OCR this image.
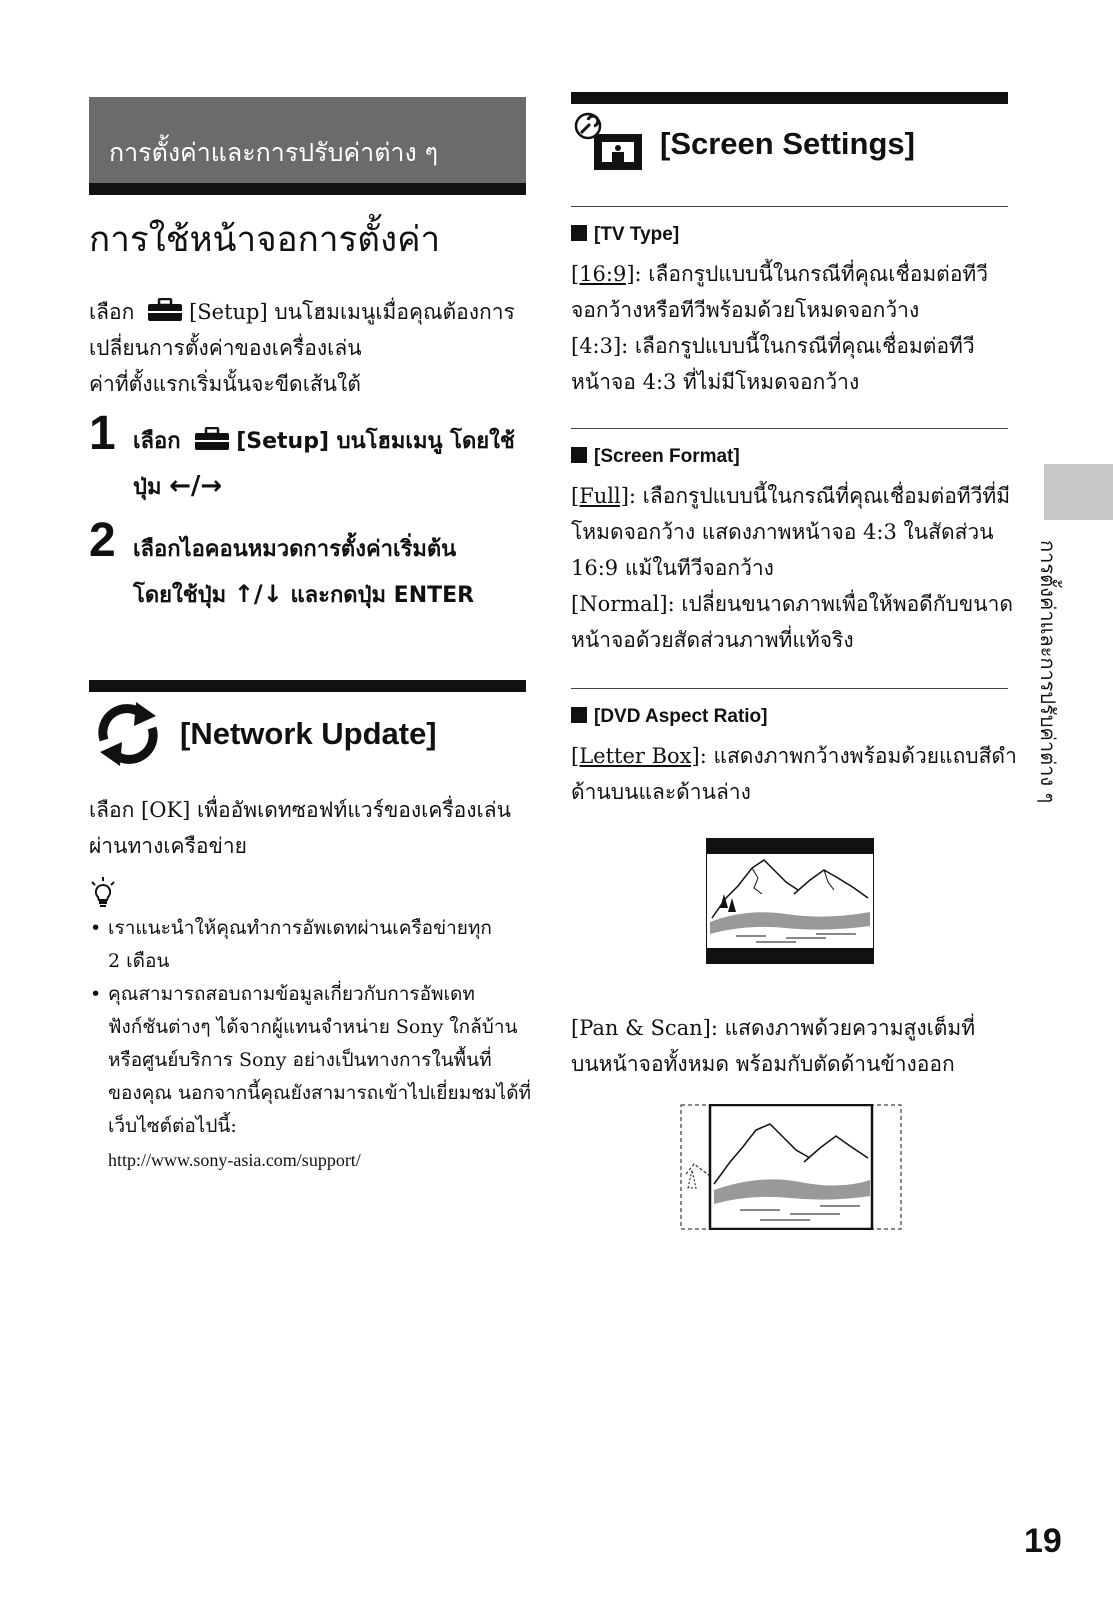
การตั้งค่าและการปรับค่าต่าง ๆ
การใช้หน้าจอการตั้งค่า
เลือก	[Setup] บนโฮมเมนูเมื่อคุณต้องการ
เปลี่ยนการตั้งค่าของเครื่องเล่น
ค่าที่ตั้งแรกเริ่มนั้นจะขีดเส้นใต้
1 เลือก	[Setup] บนโฮมเมนู โดยใช้
ปุ่ม ←/→
2 เลือกไอคอนหมวดการตั้งค่าเริ่มต้น
โดยใช้ปุ่ม ↑/↓ และกดปุ่ม ENTER
[Network Update]
เลือก [OK] เพื่ออัพเดทซอฟท์แวร์ของเครื่องเล่น
ผ่านทางเครือข่าย
• เราแนะนำให้คุณทำการอัพเดทผ่านเครือข่ายทุก
2 เดือน
• คุณสามารถสอบถามข้อมูลเกี่ยวกับการอัพเดท
ฟังก์ชันต่างๆ ได้จากผู้แทนจำหน่าย Sony ใกล้บ้าน
หรือศูนย์บริการ Sony อย่างเป็นทางการในพื้นที่
ของคุณ นอกจากนี้คุณยังสามารถเข้าไปเยี่ยมชมได้ที่
เว็บไซต์ต่อไปนี้:
http://www.sony-asia.com/support/
[Screen Settings]
[TV Type]
[16:9]: เลือกรูปแบบนี้ในกรณีที่คุณเชื่อมต่อทีวี
จอกว้างหรือทีวีพร้อมด้วยโหมดจอกว้าง
[4:3]: เลือกรูปแบบนี้ในกรณีที่คุณเชื่อมต่อทีวี
หน้าจอ 4:3 ที่ไม่มีโหมดจอกว้าง
[Screen Format]
[Full]: เลือกรูปแบบนี้ในกรณีที่คุณเชื่อมต่อทีวีที่มี
โหมดจอกว้าง แสดงภาพหน้าจอ 4:3 ในสัดส่วน
16:9 แม้ในทีวีจอกว้าง
[Normal]: เปลี่ยนขนาดภาพเพื่อให้พอดีกับขนาด
หน้าจอด้วยสัดส่วนภาพที่แท้จริง
[DVD Aspect Ratio]
[Letter Box]: แสดงภาพกว้างพร้อมด้วยแถบสีดำ
ด้านบนและด้านล่าง
[Pan & Scan]: แสดงภาพด้วยความสูงเต็มที่
บนหน้าจอทั้งหมด พร้อมกับตัดด้านข้างออก
การตั้งค่าและการปรับค่าต่าง ๆ
19
